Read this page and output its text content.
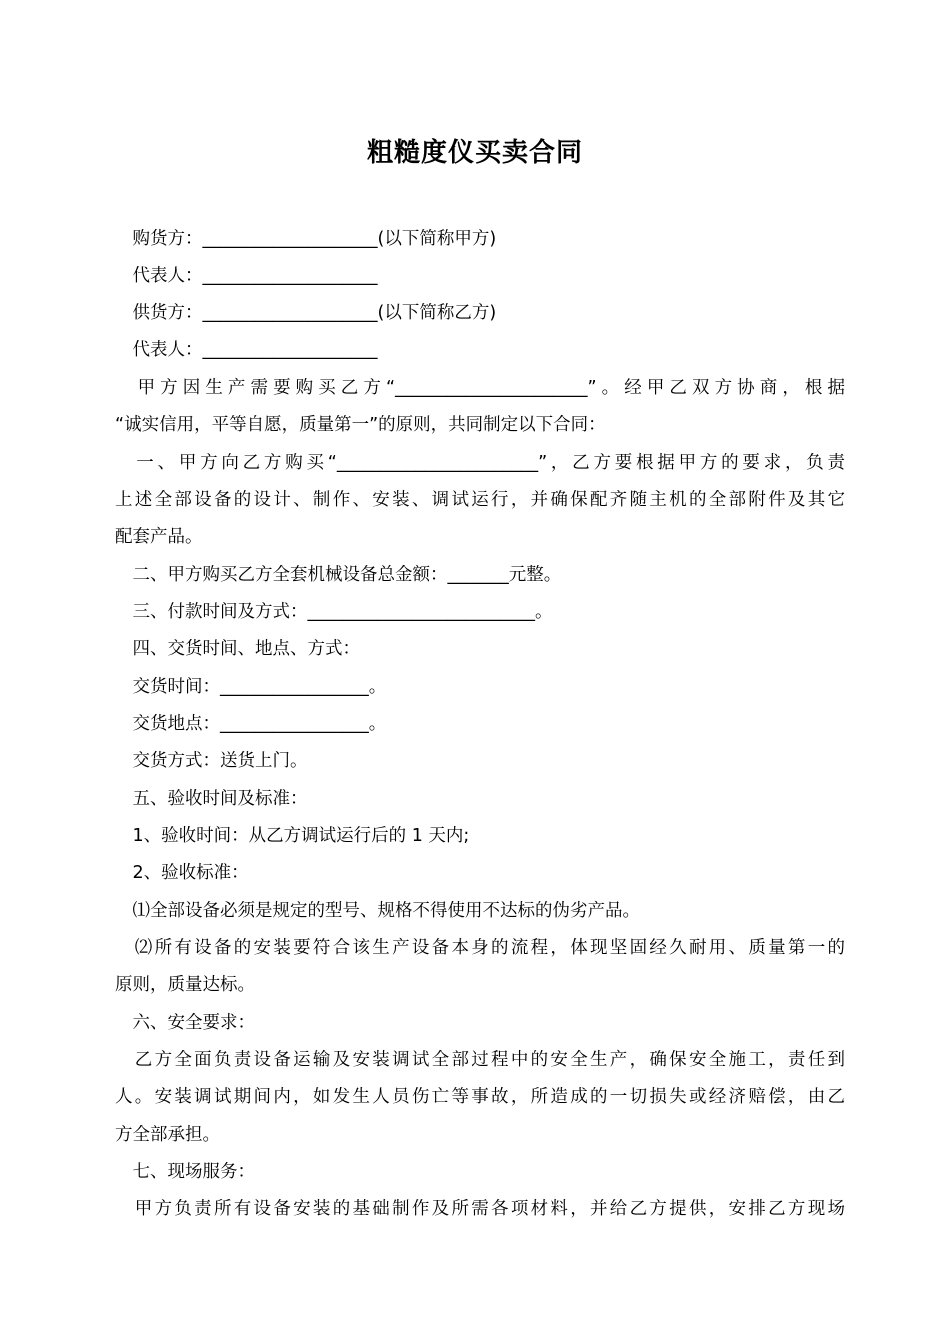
粗糙度仪买卖合同
　购货方：____________________(以下简称甲方)
　代表人：____________________
　供货方：____________________(以下简称乙方)
　代表人：____________________
　甲方因生产需要购买乙方“______________________”。经甲乙双方协商，根据
“诚实信用，平等自愿，质量第一”的原则，共同制定以下合同：
　一、甲方向乙方购买“_______________________”，乙方要根据甲方的要求，负责
上述全部设备的设计、制作、安装、调试运行，并确保配齐随主机的全部附件及其它
配套产品。
　二、甲方购买乙方全套机械设备总金额：_______元整。
　三、付款时间及方式：__________________________。
　四、交货时间、地点、方式：
　交货时间：_________________。
　交货地点：_________________。
　交货方式：送货上门。
　五、验收时间及标准：
　1、验收时间：从乙方调试运行后的 1 天内;
　2、验收标准：
　⑴全部设备必须是规定的型号、规格不得使用不达标的伪劣产品。
　⑵所有设备的安装要符合该生产设备本身的流程，体现坚固经久耐用、质量第一的
原则，质量达标。
　六、安全要求：
　乙方全面负责设备运输及安装调试全部过程中的安全生产，确保安全施工，责任到
人。安装调试期间内，如发生人员伤亡等事故，所造成的一切损失或经济赔偿，由乙
方全部承担。
　七、现场服务：
　甲方负责所有设备安装的基础制作及所需各项材料，并给乙方提供，安排乙方现场
